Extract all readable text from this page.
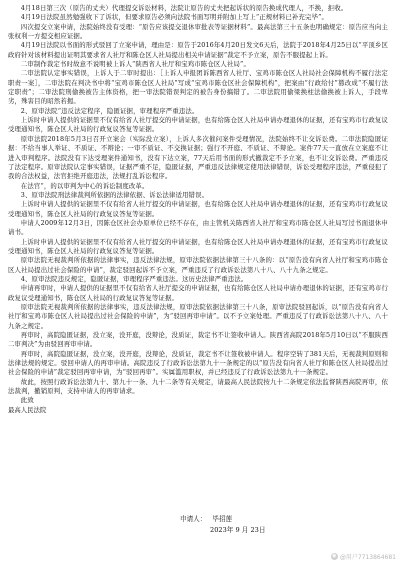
4月18日第三次（原告的丈夫）代理提交诉讼材料，法院让原告的丈夫把起诉状的原告换成代理人，不换，拒收。

4月19日法院虽然勉强收下了诉状，但要求原告必须向法院书面写明并附加上写上“正规材料已补充完毕”。

四次提交立案申请，法院始终没有受理：“原告应该提交退休审批表等证据材料”。最高法第三十五条也明确规定：原告应当向主张权利一方提交相应证据。

4月19日法院以书面的形式驳回了立案申请，理由是：原告于2016年4月20日发文6天后，法院于2018年4月25日以“平顶乡区政府针对该材料提出证明其要求省人社厅和陈仓区人社局提出相关申请证据”裁定不予立案，原告不服提起上诉。

二审制作裁定书时故意不说明被上诉人“陕西省人社厅和宝鸡市陈仓区人社局”。

二审法院认定事实错误，上诉人于二审时提出：［上诉人申报团诉陈西省人社厅、宝鸡市陈仓区人社局社会保障机构不履行法定职责一案］，二审法院在判决书中将“宝鸡市陈仓区人社局”写成“宝鸡市陈仓区社会保障机构”，把案由“行政给付”篡改成“不履行法定职责”；二审法院刑偷换被告主体资格，把一审法院错误判定的被告身份搞错了。二审法院用偷梁换柱法偷换被上诉人，手段卑劣，殊害目的昭然若揭。

2、原审法院“违反法定程序，隐匿证据，审理程序严重违法。

上诉时申请人提供的证据里不仅有给省人社厅提交的申请证据，也有给陈仓区人社局申请办理退休的证据，还有宝鸡市行政复议受理通知书，陈仓区人社局的行政复议答复等证据。

原审法院2018年5月3日召开立案会（实际没立案），上诉人多次催问案件受理情况，法院始终不让交诉讼费。二审法院隐匿证据：不给当事人举证、不质证、不辩论；一审不质证、不交换证据；强行不开庭、不质证、不辩论。案件77天一直放在立案庭不让进入审判程序。法院没有下达受理案件通知书，没有下达立案，77天后用书面的形式撤裁定不予立案，也不让交诉讼费。严重违反了法定程序。原审法院认定事实错误，证据严重不足，隐匿证据，严重违反法律规定使用法律错误，诉讼受理程序违法，严重侵犯了我的合法权益，法官拒绝开庭违法，法规打乱诉讼程序。

在法官“，的以审判为中心的诉讼制度改革。

3、原审法院刑法律裁判所依据的法律依据、诉讼法律适用错误。

上诉时申请人提供的证据里不仅有给省人社厅提交的申请证据，也有给陈仓区人社局申请办理退休的证据，还有宝鸡市行政复议受理通知书，陈仓区人社局的行政复议答复等证据。

申请人2009年12月3日，因陈仓区社会办原单位已经不存在，由主管机关陈西省人社厅和宝鸡市陈仓区人社局写过书面退休申请书。

上诉时申请人提供的证据里不仅有给省人社厅提交的申请证据，也有给陈仓区人社局申请办理退休的证据，还有宝鸡市行政复议受理通知书，陈仓区人社局的行政复议答复等证据。

原审法院无视裁判所依据的法律事实，违反法律法规，原审法院依据法律第三十八条的：以“原告没有向省人社厅和宝鸡市陈仓区人社局提出过社会保险的申请”，裁定驳回起诉不予立案，严重违反了行政诉讼法第八十八、八十九条之规定。

4、原审法院违反规定，隐匿证据，审理程序严重违法。这历史法律严重违法。

申请再审时，申请人提供的证据里不仅有给省人社厅提交的申请证据，也有给陈仓区人社局申请办理退休的证据，还有宝鸡市行政复议受理通知书，陈仓区人社局的行政复议答复等证据。

原审法院无视裁判所依据的法律事实，违反法律法规，原审法院依据法律第三十八条，原审法院驳回起诉，以“原告没有向省人社厅和宝鸡市陈仓区人社局提出过社会保险的申请”，为“驳回再审申请”。以不予立案处理。严重违反了行政诉讼法第八十八、八十九条之规定。

再审时，高院隐匿证据，没立案，没开庭，没辩论，没质证，裁定书不让签收申请人。陕西省高院2018年5月10日以“不服陕西二审判决”为由驳回再审申请。

再审时，高院隐匿证据，没立案，没开庭，没辩论，没质证，裁定书不让签收被申请人。程序空转了381天后，无视裁判原则和法律法规的规定。驳回申请人的再审申请。高院违反了行政诉讼法第九十一条规定的以“原告没有向省人社厅和陈仓区人社局提出过社会保险的申请”裁定驳回再审申请，为“驳回再审”。实属滥用职权，并已经违反了行政诉讼法第九十一条规定。

故此，按照行政诉讼法第九十、第九十一条、九十二条等有关规定，请最高人民法院按九十二条规定依法监督陕西高院再审，依法裁判，撤销原判，支持申请人的再审请求。

此致

最高人民法院

申请人： 毕招莲
2023年 9 月 23日
◉ @用户7713864681
